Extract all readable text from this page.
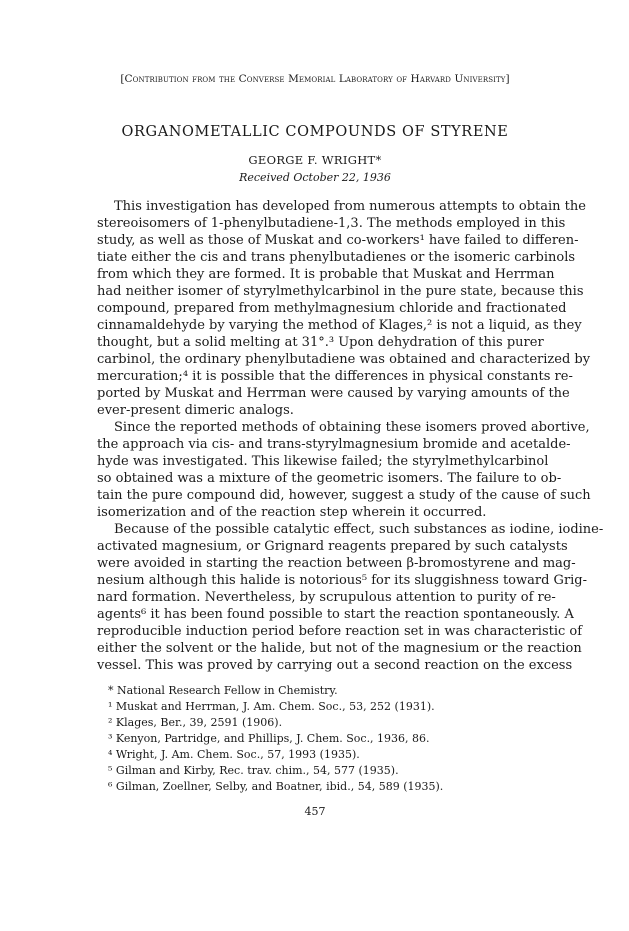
[Contribution from the Converse Memorial Laboratory of Harvard University]
ORGANOMETALLIC COMPOUNDS OF STYRENE
GEORGE F. WRIGHT*
Received October 22, 1936
This investigation has developed from numerous attempts to obtain the
stereoisomers of 1-phenylbutadiene-1,3. The methods employed in this
study, as well as those of Muskat and co-workers¹ have failed to differen-
tiate either the cis and trans phenylbutadienes or the isomeric carbinols
from which they are formed. It is probable that Muskat and Herrman
had neither isomer of styrylmethylcarbinol in the pure state, because this
compound, prepared from methylmagnesium chloride and fractionated
cinnamaldehyde by varying the method of Klages,² is not a liquid, as they
thought, but a solid melting at 31°.³ Upon dehydration of this purer
carbinol, the ordinary phenylbutadiene was obtained and characterized by
mercuration;⁴ it is possible that the differences in physical constants re-
ported by Muskat and Herrman were caused by varying amounts of the
ever-present dimeric analogs.
Since the reported methods of obtaining these isomers proved abortive,
the approach via cis- and trans-styrylmagnesium bromide and acetalde-
hyde was investigated. This likewise failed; the styrylmethylcarbinol
so obtained was a mixture of the geometric isomers. The failure to ob-
tain the pure compound did, however, suggest a study of the cause of such
isomerization and of the reaction step wherein it occurred.
Because of the possible catalytic effect, such substances as iodine, iodine-
activated magnesium, or Grignard reagents prepared by such catalysts
were avoided in starting the reaction between β-bromostyrene and mag-
nesium although this halide is notorious⁵ for its sluggishness toward Grig-
nard formation. Nevertheless, by scrupulous attention to purity of re-
agents⁶ it has been found possible to start the reaction spontaneously. A
reproducible induction period before reaction set in was characteristic of
either the solvent or the halide, but not of the magnesium or the reaction
vessel. This was proved by carrying out a second reaction on the excess
* National Research Fellow in Chemistry.
¹ Muskat and Herrman, J. Am. Chem. Soc., 53, 252 (1931).
² Klages, Ber., 39, 2591 (1906).
³ Kenyon, Partridge, and Phillips, J. Chem. Soc., 1936, 86.
⁴ Wright, J. Am. Chem. Soc., 57, 1993 (1935).
⁵ Gilman and Kirby, Rec. trav. chim., 54, 577 (1935).
⁶ Gilman, Zoellner, Selby, and Boatner, ibid., 54, 589 (1935).
457
